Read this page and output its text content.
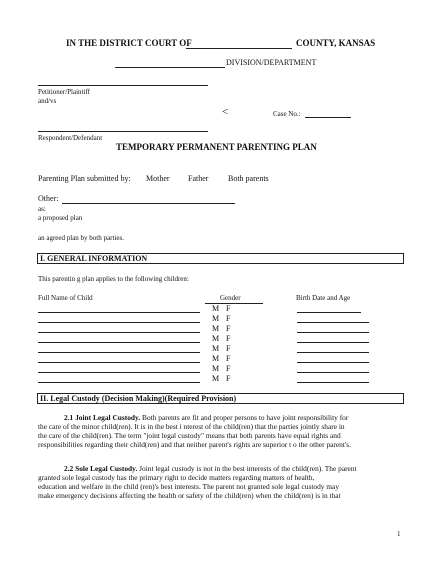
IN THE DISTRICT COURT OF	COUNTY, KANSAS
DIVISION/DEPARTMENT
Petitioner/Plaintiff
and/vs
<	Case No.:
Respondent/Defendant
TEMPORARY PERMANENT PARENTING PLAN
Parenting Plan submitted by: Mother Father Both parents
Other:
as:
a proposed plan
an agreed plan by both parties.
I. GENERAL INFORMATION
This parentin g plan applies to the following children:
Full Name of Child	Gender	Birth Date and Age
M F
M F
M F
M F
M F
M F
M F
M F
II. Legal Custody (Decision Making)(Required Provision)
2.1 Joint Legal Custody. Both parents are fit and proper persons to have joint responsibility for
the care of the minor child(ren). It is in the best i nterest of the child(ren) that the parties jointly share in
the care of the child(ren). The term "joint legal custody" means that both parents have equal rights and
responsibilities regarding their child(ren) and that neither parent's rights are superior t o the other parent's.
2.2 Sole Legal Custody. Joint legal custody is not in the best interests of the child(ren). The parent
granted sole legal custody has the primary right to decide matters regarding matters of health,
education and welfare in the child (ren)'s best interests. The parent not granted sole legal custody may
make emergency decisions affecting the health or safety of the child(ren) when the child(ren) is in that
1
